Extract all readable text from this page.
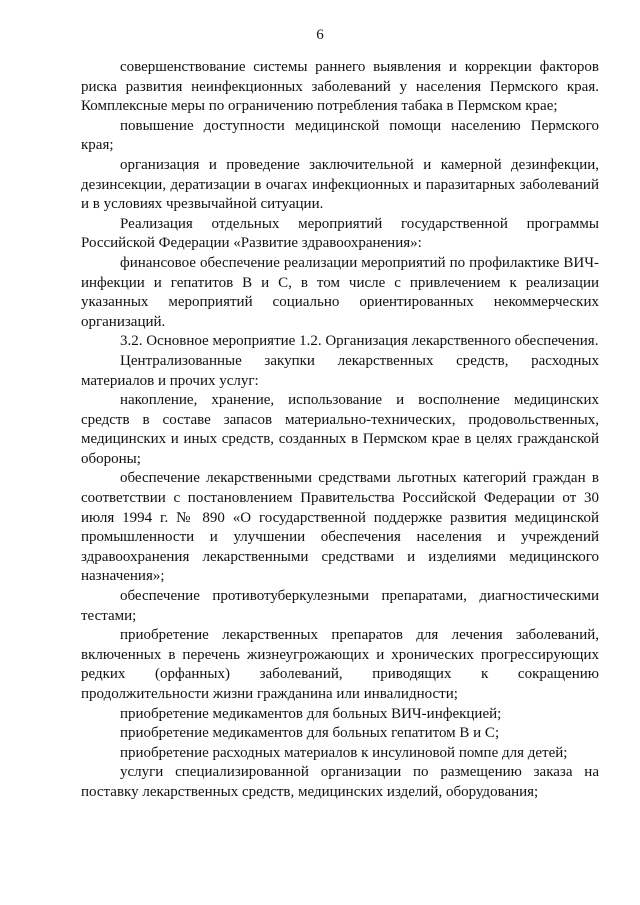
6

совершенствование системы раннего выявления и коррекции факторов риска развития неинфекционных заболеваний у населения Пермского края. Комплексные меры по ограничению потребления табака в Пермском крае;

повышение доступности медицинской помощи населению Пермского края;

организация и проведение заключительной и камерной дезинфекции, дезинсекции, дератизации в очагах инфекционных и паразитарных заболеваний и в условиях чрезвычайной ситуации.

Реализация отдельных мероприятий государственной программы Российской Федерации «Развитие здравоохранения»:

финансовое обеспечение реализации мероприятий по профилактике ВИЧ-инфекции и гепатитов В и С, в том числе с привлечением к реализации указанных мероприятий социально ориентированных некоммерческих организаций.

3.2. Основное мероприятие 1.2. Организация лекарственного обеспечения.

Централизованные закупки лекарственных средств, расходных материалов и прочих услуг:

накопление, хранение, использование и восполнение медицинских средств в составе запасов материально-технических, продовольственных, медицинских и иных средств, созданных в Пермском крае в целях гражданской обороны;

обеспечение лекарственными средствами льготных категорий граждан в соответствии с постановлением Правительства Российской Федерации от 30 июля 1994 г. № 890 «О государственной поддержке развития медицинской промышленности и улучшении обеспечения населения и учреждений здравоохранения лекарственными средствами и изделиями медицинского назначения»;

обеспечение противотуберкулезными препаратами, диагностическими тестами;

приобретение лекарственных препаратов для лечения заболеваний, включенных в перечень жизнеугрожающих и хронических прогрессирующих редких (орфанных) заболеваний, приводящих к сокращению продолжительности жизни гражданина или инвалидности;

приобретение медикаментов для больных ВИЧ-инфекцией;

приобретение медикаментов для больных гепатитом В и С;

приобретение расходных материалов к инсулиновой помпе для детей;

услуги специализированной организации по размещению заказа на поставку лекарственных средств, медицинских изделий, оборудования;
